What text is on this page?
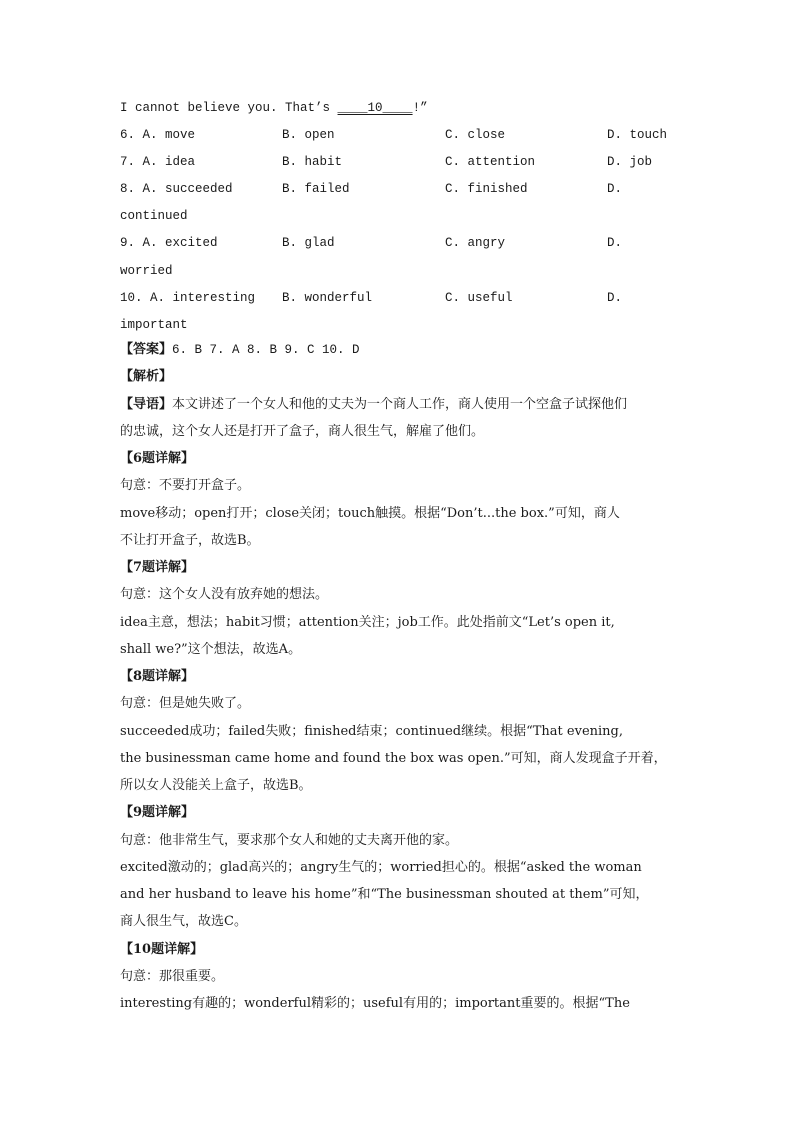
I cannot believe you. That’s ____10____!”
6. A. move	B. open	C. close	D. touch
7. A. idea	B. habit	C. attention	D. job
8. A. succeeded	B. failed	C. finished	D.
continued
9. A. excited	B. glad	C. angry	D.
worried
10. A. interesting B. wonderful	C. useful	D.
important
【答案】6. B 7. A 8. B 9. C 10. D
【解析】
【导语】本文讲述了一个女人和他的丈夫为一个商人工作，商人使用一个空盒子试探他们
的忠诚，这个女人还是打开了盒子，商人很生气，解雇了他们。
【6题详解】
句意：不要打开盒子。
move移动；open打开；close关闭；touch触摸。根据“Don’t...the box.”可知，商人
不让打开盒子，故选B。
【7题详解】
句意：这个女人没有放弃她的想法。
idea主意，想法；habit习惯；attention关注；job工作。此处指前文“Let’s open it,
shall we?”这个想法，故选A。
【8题详解】
句意：但是她失败了。
succeeded成功；failed失败；finished结束；continued继续。根据“That evening,
the businessman came home and found the box was open.”可知，商人发现盒子开着，
所以女人没能关上盒子，故选B。
【9题详解】
句意：他非常生气，要求那个女人和她的丈夫离开他的家。
excited激动的；glad高兴的；angry生气的；worried担心的。根据“asked the woman
and her husband to leave his home”和“The businessman shouted at them”可知，
商人很生气，故选C。
【10题详解】
句意：那很重要。
interesting有趣的；wonderful精彩的；useful有用的；important重要的。根据“The
